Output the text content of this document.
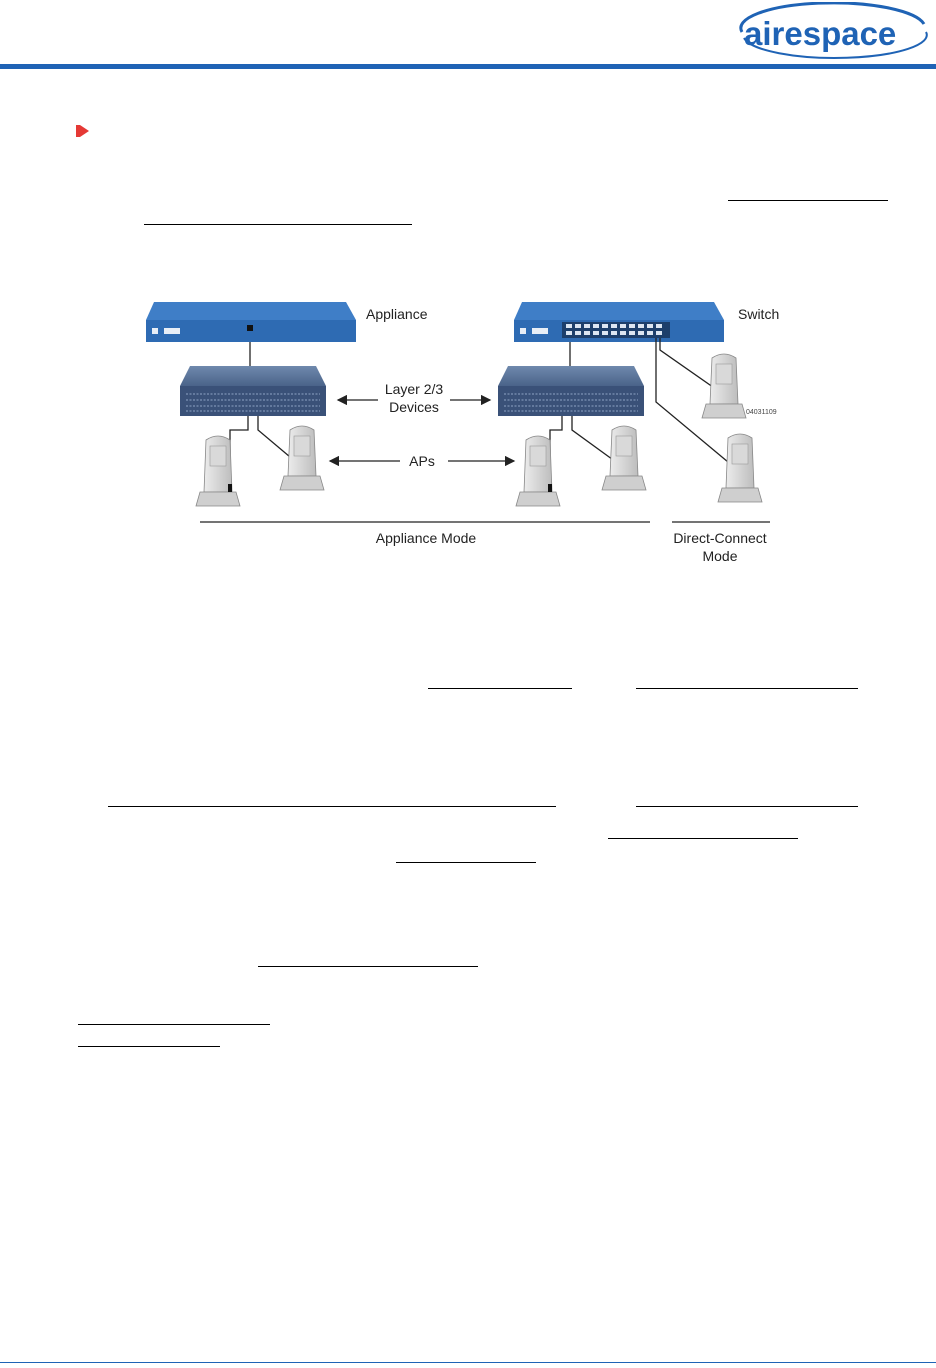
airespace
Appliance	Switch
Layer 2/3
Devices
APs
04031109
Appliance Mode	Direct-Connect
Mode
